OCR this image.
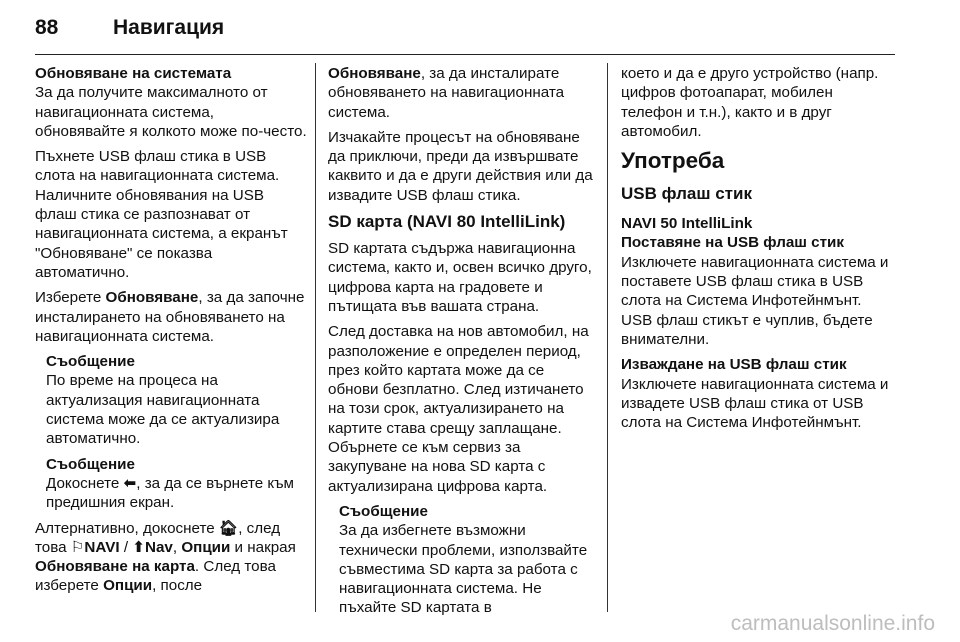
88	Навигация

Обновяване на системата

За да получите максималното от навигационната система, обновявайте я колкото може по-често.

Пъхнете USB флаш стика в USB слота на навигационната система. Наличните обновявания на USB флаш стика се разпознават от навигационната система, а екранът "Обновяване" се показва автоматично.

Изберете Обновяване, за да започне инсталирането на обновяването на навигационната система.

Съобщение

По време на процеса на актуализация навигационната система може да се актуализира автоматично.

Съобщение

Докоснете ⬅, за да се върнете към предишния екран.

Алтернативно, докоснете 🏠︎, след това ⚐NAVI / ⬆Nav, Опции и накрая Обновяване на карта. След това изберете Опции, после

Обновяване, за да инсталирате обновяването на навигационната система.

Изчакайте процесът на обновяване да приключи, преди да извършвате каквито и да е други действия или да извадите USB флаш стика.

SD карта (NAVI 80 IntelliLink)

SD картата съдържа навигационна система, както и, освен всичко друго, цифрова карта на градовете и пътищата във вашата страна.

След доставка на нов автомобил, на разположение е определен период, през който картата може да се обнови безплатно. След изтичането на този срок, актуализирането на картите става срещу заплащане. Обърнете се към сервиз за закупуване на нова SD карта с актуализирана цифрова карта.

Съобщение

За да избегнете възможни технически проблеми, използвайте съвместима SD карта за работа с навигационната система. Не пъхайте SD картата в

което и да е друго устройство (напр. цифров фотоапарат, мобилен телефон и т.н.), както и в друг автомобил.

Употреба
USB флаш стик

NAVI 50 IntelliLink

Поставяне на USB флаш стик

Изключете навигационната система и поставете USB флаш стика в USB слота на Система Инфотейнмънт. USB флаш стикът е чуплив, бъдете внимателни.

Изваждане на USB флаш стик

Изключете навигационната система и извадете USB флаш стика от USB слота на Система Инфотейнмънт.

carmanualsonline.info
